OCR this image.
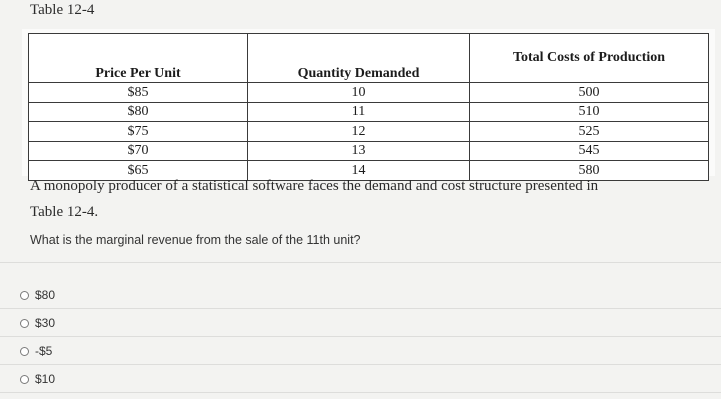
Table 12-4
Price Per Unit	Quantity Demanded	Total Costs of Production
$85	10	500
$80	11	510
$75	12	525
$70	13	545
$65	14	580
A monopoly producer of a statistical software faces the demand and cost structure presented in
Table 12-4.
What is the marginal revenue from the sale of the 11th unit?
$80
$30
-$5
$10
